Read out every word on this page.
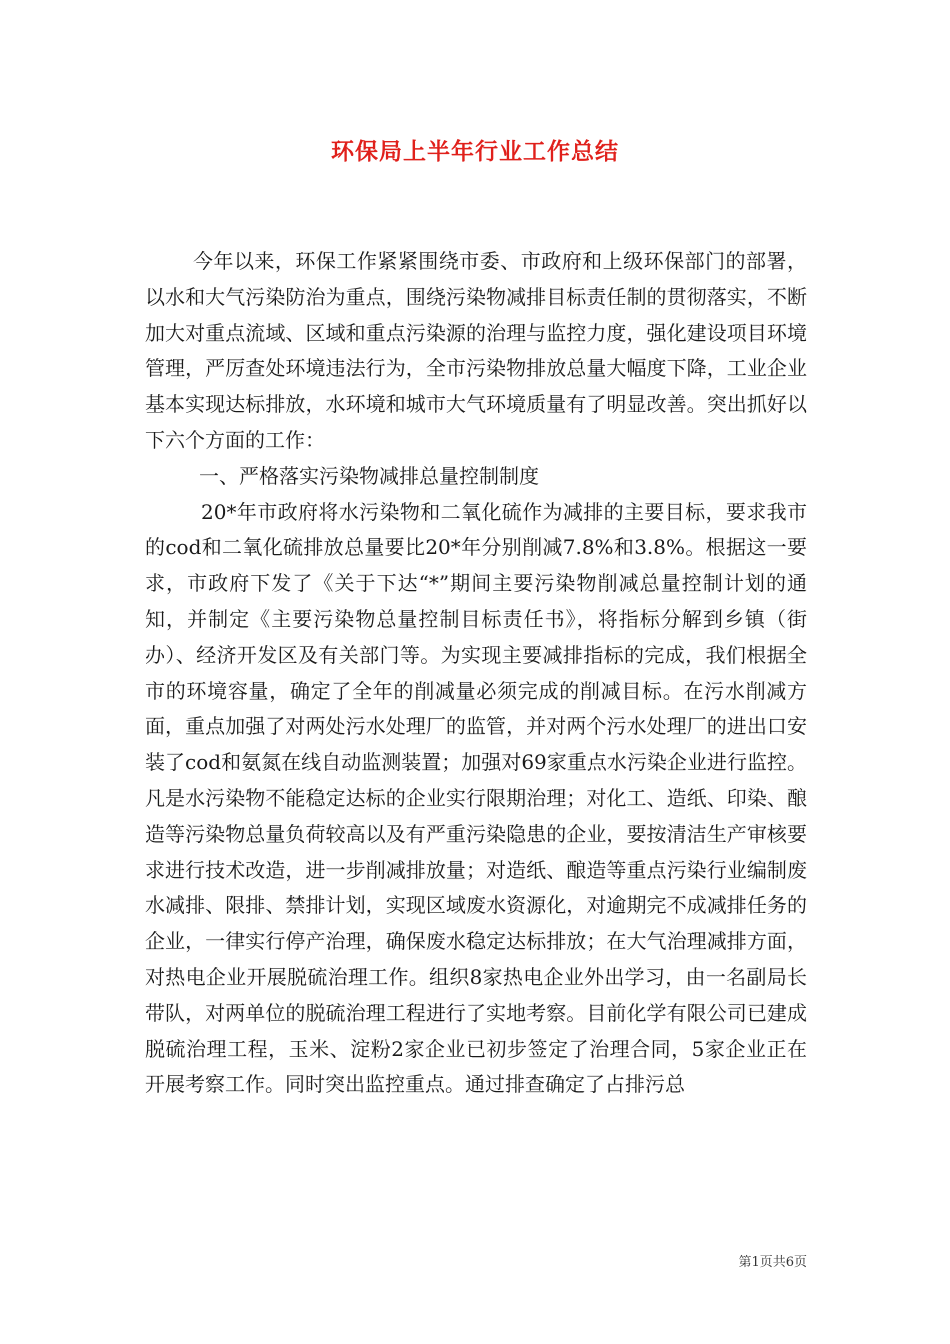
环保局上半年行业工作总结

今年以来，环保工作紧紧围绕市委、市政府和上级环保部门的部署，以水和大气污染防治为重点，围绕污染物减排目标责任制的贯彻落实，不断加大对重点流域、区域和重点污染源的治理与监控力度，强化建设项目环境管理，严厉查处环境违法行为，全市污染物排放总量大幅度下降，工业企业基本实现达标排放，水环境和城市大气环境质量有了明显改善。突出抓好以下六个方面的工作：

一、严格落实污染物减排总量控制制度

20*年市政府将水污染物和二氧化硫作为减排的主要目标，要求我市的cod和二氧化硫排放总量要比20*年分别削减7.8%和3.8%。根据这一要求，市政府下发了《关于下达“*”期间主要污染物削减总量控制计划的通知，并制定《主要污染物总量控制目标责任书》，将指标分解到乡镇（街办）、经济开发区及有关部门等。为实现主要减排指标的完成，我们根据全市的环境容量，确定了全年的削减量必须完成的削减目标。在污水削减方面，重点加强了对两处污水处理厂的监管，并对两个污水处理厂的进出口安装了cod和氨氮在线自动监测装置；加强对69家重点水污染企业进行监控。凡是水污染物不能稳定达标的企业实行限期治理；对化工、造纸、印染、酿造等污染物总量负荷较高以及有严重污染隐患的企业，要按清洁生产审核要求进行技术改造，进一步削减排放量；对造纸、酿造等重点污染行业编制废水减排、限排、禁排计划，实现区域废水资源化，对逾期完不成减排任务的企业，一律实行停产治理，确保废水稳定达标排放；在大气治理减排方面，对热电企业开展脱硫治理工作。组织8家热电企业外出学习，由一名副局长带队，对两单位的脱硫治理工程进行了实地考察。目前化学有限公司已建成脱硫治理工程，玉米、淀粉2家企业已初步签定了治理合同，5家企业正在开展考察工作。同时突出监控重点。通过排查确定了占排污总

第1页共6页
